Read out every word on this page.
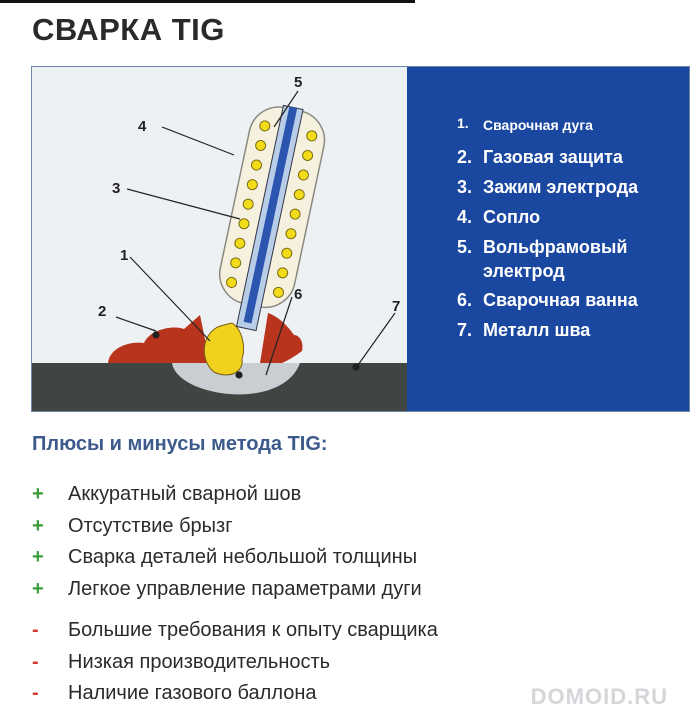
СВАРКА TIG
4
3
1
2
5
6
7
1.	Сварочная дуга
2. Газовая защита
3. Зажим электрода
4. Сопло
5. Вольфрамовый электрод
6. Сварочная ванна
7. Металл шва
Плюсы и минусы метода TIG:
+	Аккуратный сварной шов
+	Отсутствие брызг
+	Сварка деталей небольшой толщины
+	Легкое управление параметрами дуги
-	Большие требования к опыту сварщика
-	Низкая производительность
-	Наличие газового баллона	DOMOID.RU
